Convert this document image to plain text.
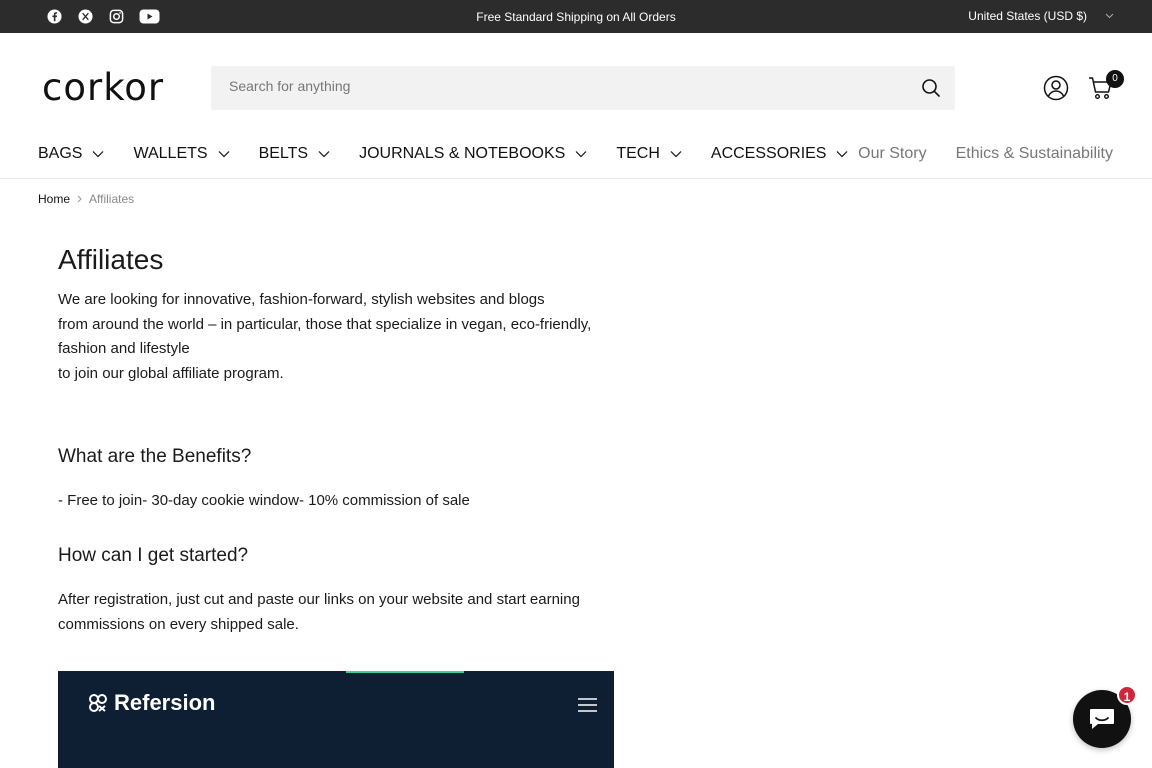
Free Standard Shipping on All Orders	United States (USD $)
corkor
Search for anything	0
BAGS	WALLETS	BELTS	JOURNALS & NOTEBOOKS	TECH	ACCESSORIES Our Story Ethics & Sustainability
Home Affiliates
Affiliates

We are looking for innovative, fashion-forward, stylish websites and blogs

from around the world – in particular, those that specialize in vegan, eco-friendly,

fashion and lifestyle

to join our global affiliate program.

What are the Benefits?

- Free to join- 30-day cookie window- 10% commission of sale

How can I get started?

After registration, just cut and paste our links on your website and start earning commissions on every shipped sale.

Refersion	1
